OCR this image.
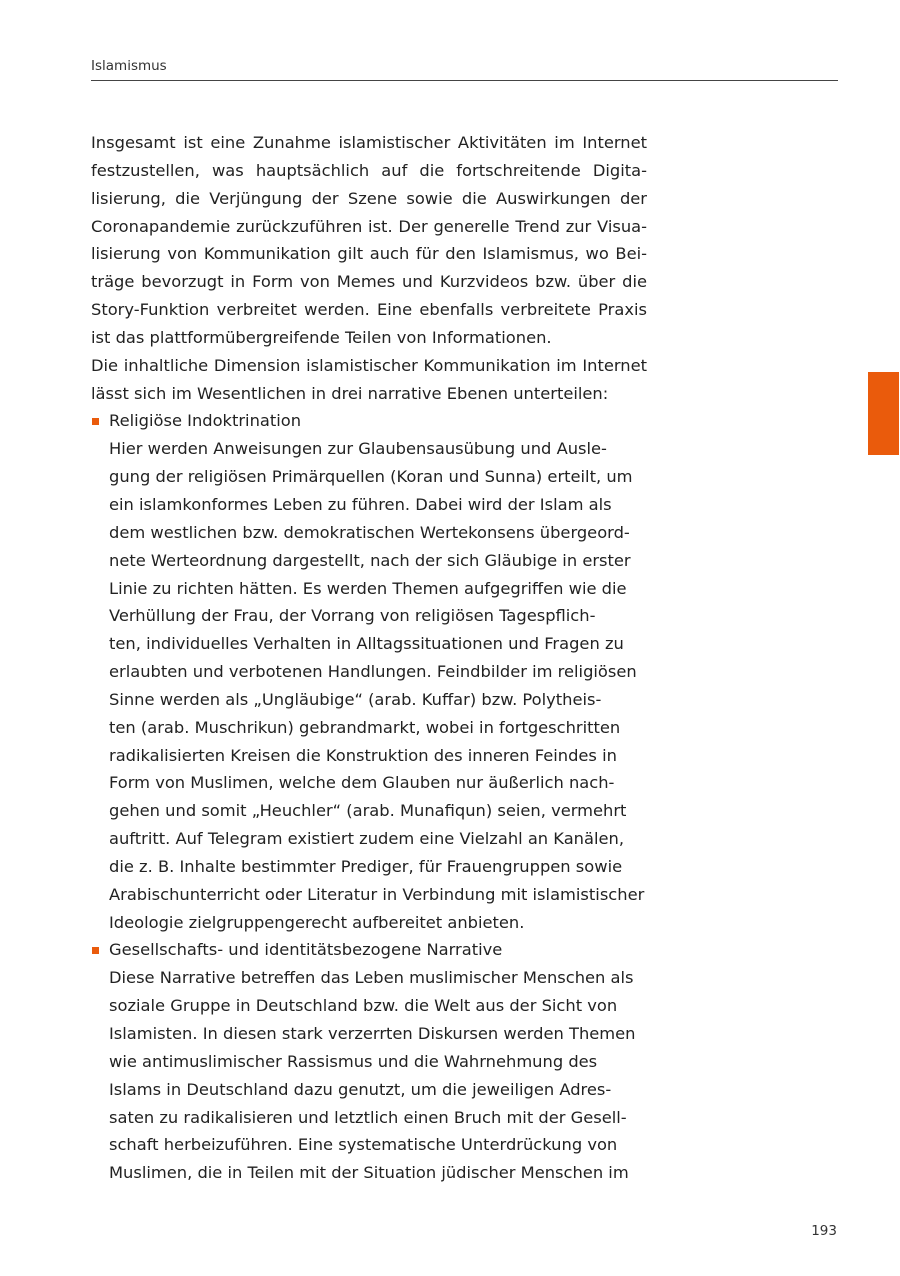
Islamismus
Insgesamt ist eine Zunahme islamistischer Aktivitäten im Internet
festzustellen, was hauptsächlich auf die fortschreitende Digita-
lisierung, die Verjüngung der Szene sowie die Auswirkungen der
Coronapandemie zurückzuführen ist. Der generelle Trend zur Visua-
lisierung von Kommunikation gilt auch für den Islamismus, wo Bei-
träge bevorzugt in Form von Memes und Kurzvideos bzw. über die
Story-Funktion verbreitet werden. Eine ebenfalls verbreitete Praxis
ist das plattformübergreifende Teilen von Informationen.
Die inhaltliche Dimension islamistischer Kommunikation im Internet
lässt sich im Wesentlichen in drei narrative Ebenen unterteilen:
Religiöse Indoktrination
Hier werden Anweisungen zur Glaubensausübung und Ausle-
gung der religiösen Primärquellen (Koran und Sunna) erteilt, um
ein islamkonformes Leben zu führen. Dabei wird der Islam als
dem westlichen bzw. demokratischen Wertekonsens übergeord-
nete Werteordnung dargestellt, nach der sich Gläubige in erster
Linie zu richten hätten. Es werden Themen aufgegriffen wie die
Verhüllung der Frau, der Vorrang von religiösen Tagespflich-
ten, individuelles Verhalten in Alltagssituationen und Fragen zu
erlaubten und verbotenen Handlungen. Feindbilder im religiösen
Sinne werden als „Ungläubige“ (arab. Kuffar) bzw. Polytheis-
ten (arab. Muschrikun) gebrandmarkt, wobei in fortgeschritten
radikalisierten Kreisen die Konstruktion des inneren Feindes in
Form von Muslimen, welche dem Glauben nur äußerlich nach-
gehen und somit „Heuchler“ (arab. Munafiqun) seien, vermehrt
auftritt. Auf Telegram existiert zudem eine Vielzahl an Kanälen,
die z. B. Inhalte bestimmter Prediger, für Frauengruppen sowie
Arabischunterricht oder Literatur in Verbindung mit islamistischer
Ideologie zielgruppengerecht aufbereitet anbieten.
Gesellschafts- und identitätsbezogene Narrative
Diese Narrative betreffen das Leben muslimischer Menschen als
soziale Gruppe in Deutschland bzw. die Welt aus der Sicht von
Islamisten. In diesen stark verzerrten Diskursen werden Themen
wie antimuslimischer Rassismus und die Wahrnehmung des
Islams in Deutschland dazu genutzt, um die jeweiligen Adres-
saten zu radikalisieren und letztlich einen Bruch mit der Gesell-
schaft herbeizuführen. Eine systematische Unterdrückung von
Muslimen, die in Teilen mit der Situation jüdischer Menschen im
193
